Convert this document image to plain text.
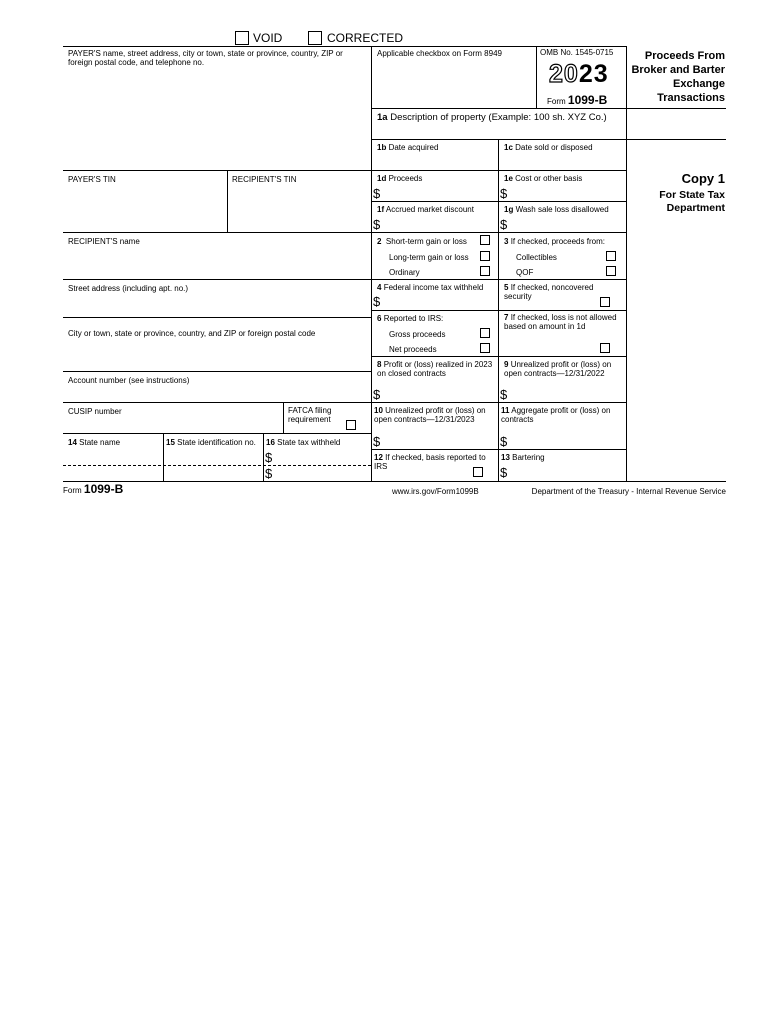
VOID	CORRECTED
PAYER'S name, street address, city or town, state or province, country, ZIP or foreign postal code, and telephone no.
PAYER'S TIN	RECIPIENT'S TIN
RECIPIENT'S name
Street address (including apt. no.)
City or town, state or province, country, and ZIP or foreign postal code
Account number (see instructions)
CUSIP number	FATCA filing requirement
14 State name	15 State identification no. 16 State tax withheld
$
$
Applicable checkbox on Form 8949	OMB No. 1545-0715
2023
Form 1099-B
Proceeds From Broker and Barter Exchange Transactions
1a Description of property (Example: 100 sh. XYZ Co.)
1b Date acquired	1c Date sold or disposed
1d Proceeds
$
1e Cost or other basis
$
1f Accrued market discount
$
1g Wash sale loss disallowed
$
2 Short-term gain or loss
Long-term gain or loss
Ordinary
3 If checked, proceeds from:
Collectibles
QOF
4 Federal income tax withheld
$
5 If checked, noncovered security
6 Reported to IRS:
Gross proceeds
Net proceeds
7 If checked, loss is not allowed based on amount in 1d
8 Profit or (loss) realized in 2023 on closed contracts
$
9 Unrealized profit or (loss) on open contracts—12/31/2022
$
10 Unrealized profit or (loss) on open contracts—12/31/2023
$
11 Aggregate profit or (loss) on contracts
$
12 If checked, basis reported to IRS
13 Bartering
$
Copy 1
For State Tax Department
Form 1099-B	www.irs.gov/Form1099B	Department of the Treasury - Internal Revenue Service
